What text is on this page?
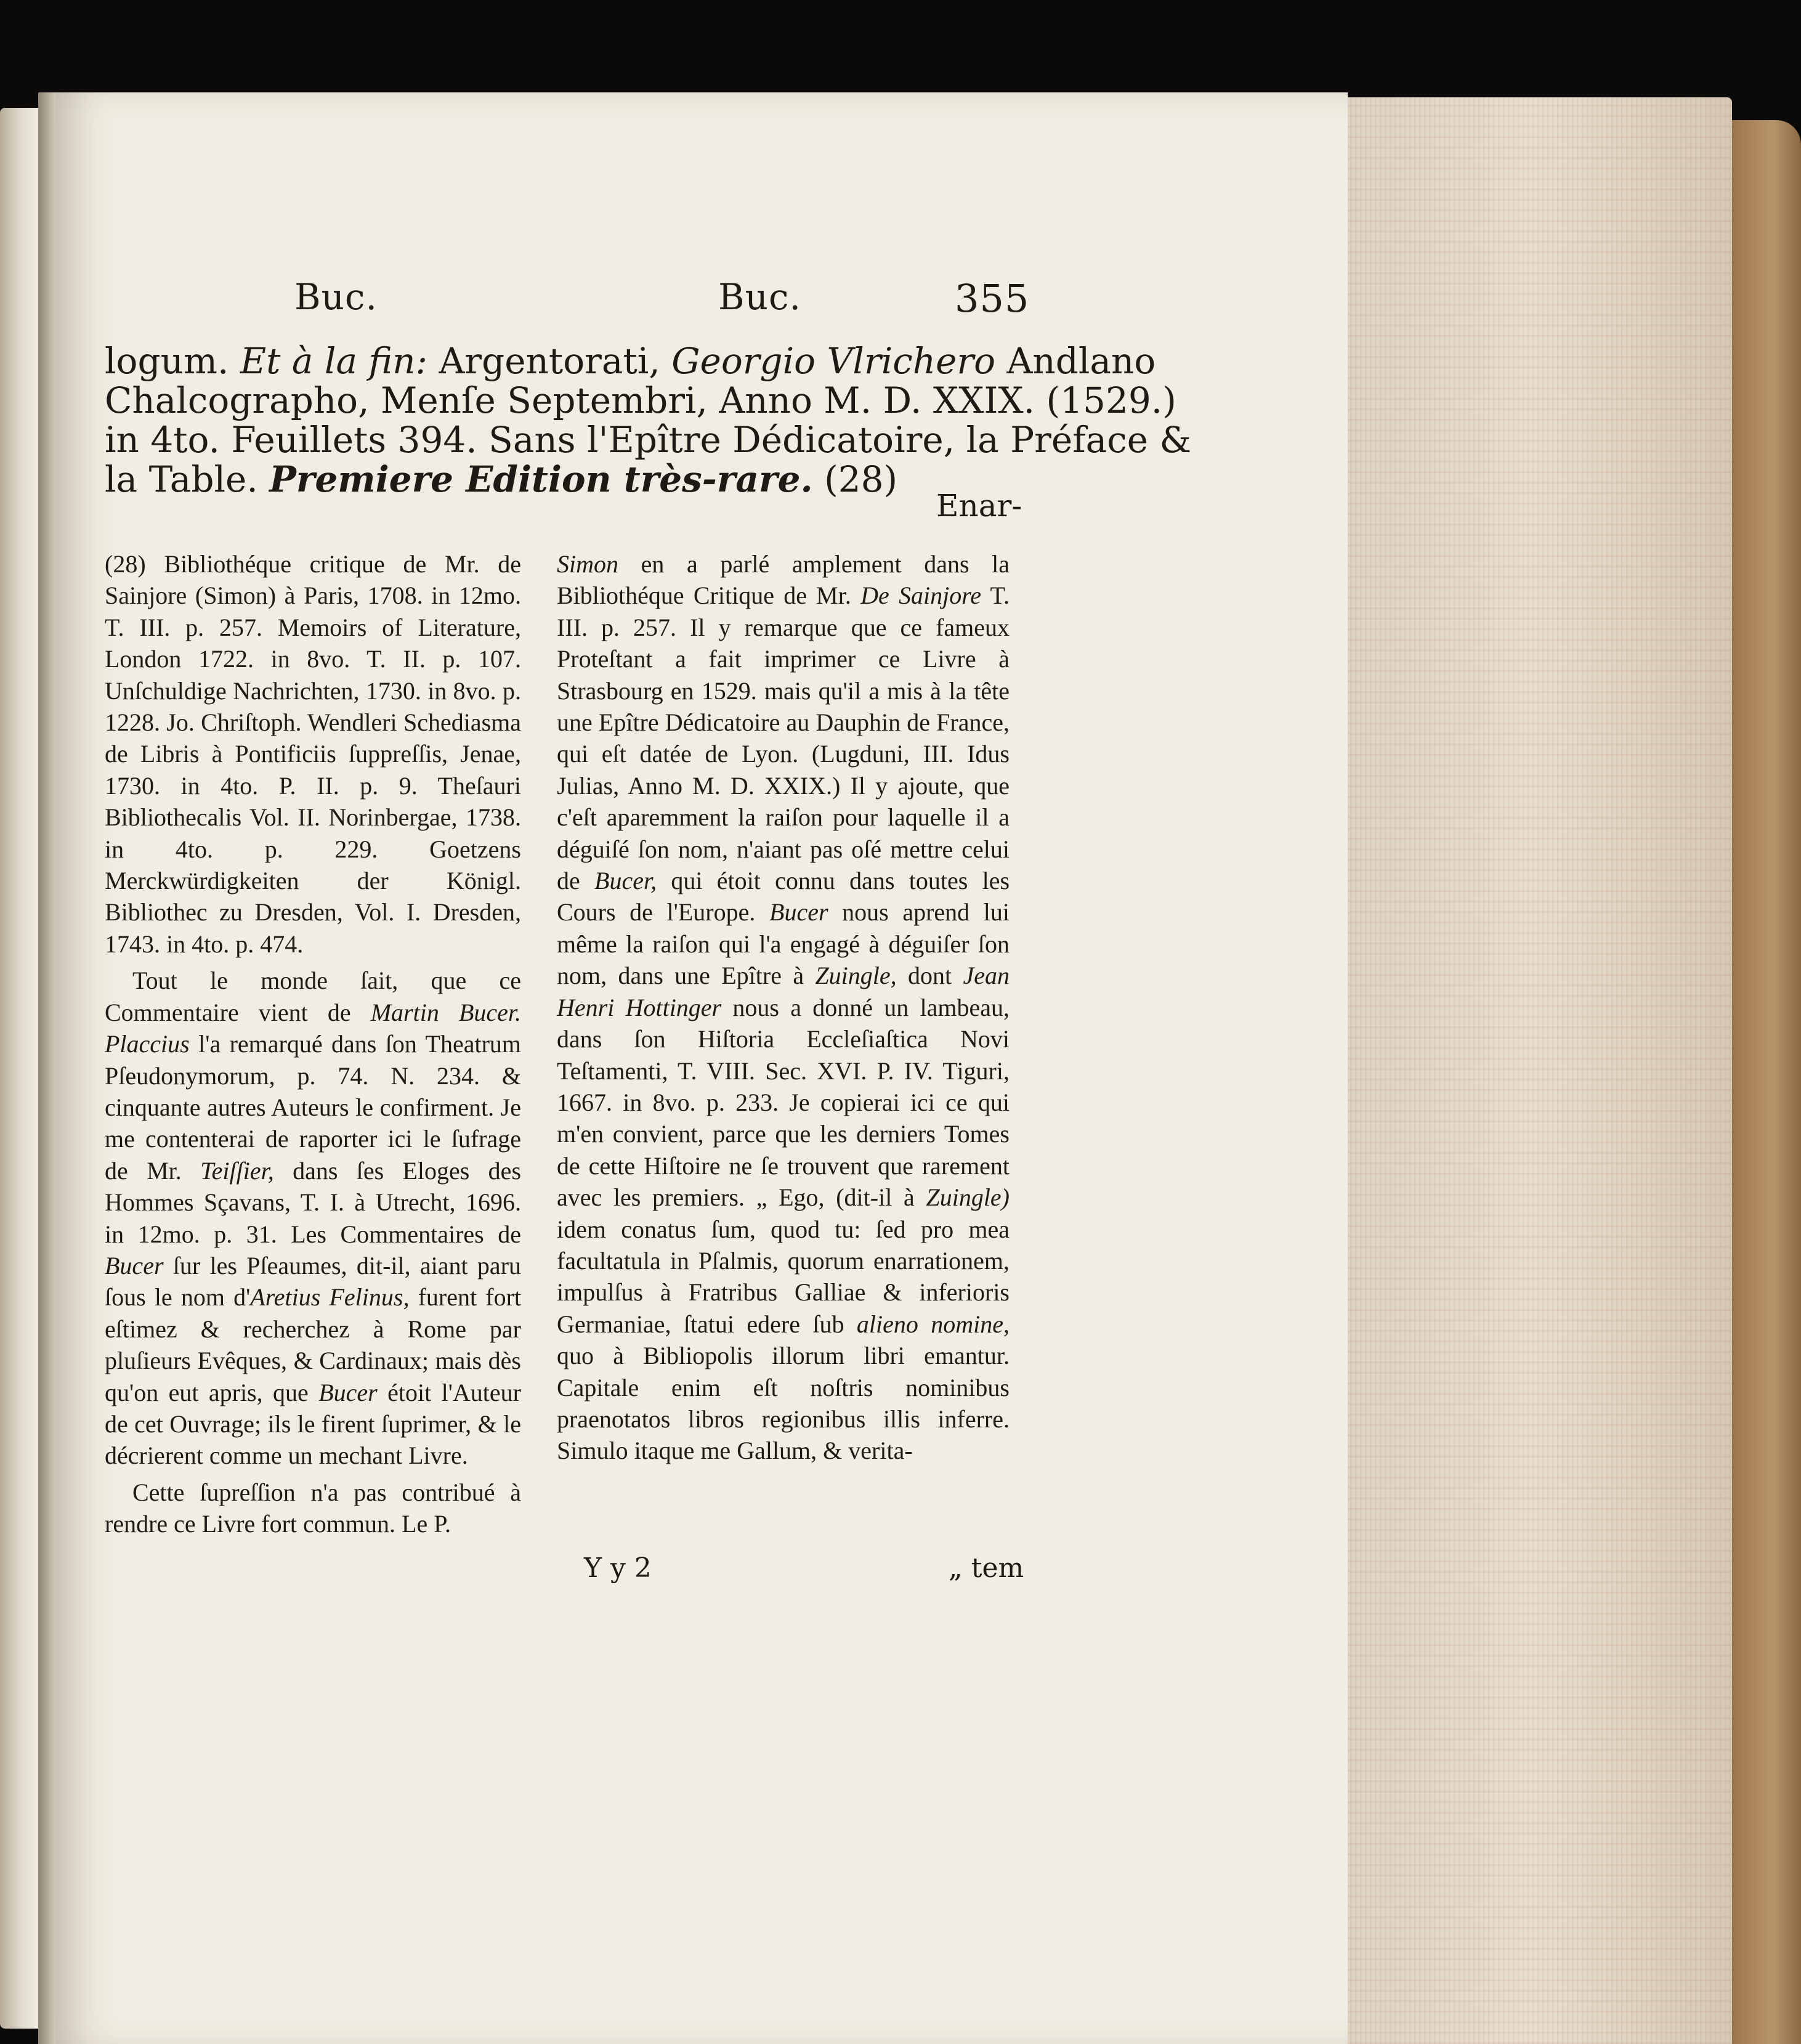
Buc.	Buc.	355
logum. Et à la fin: Argentorati, Georgio Vlrichero Andlano
Chalcographo, Menſe Septembri, Anno M. D. XXIX. (1529.)
in 4to. Feuillets 394. Sans l'Epître Dédicatoire, la Préface &
la Table. Premiere Edition très-rare. (28)
Enar-

(28) Bibliothéque critique de Mr. de Sainjore (Simon) à Paris, 1708. in 12mo. T. III. p. 257. Memoirs of Literature, London 1722. in 8vo. T. II. p. 107. Unſchuldige Nachrichten, 1730. in 8vo. p. 1228. Jo. Chriſtoph. Wendleri Schediasma de Libris à Pontificiis ſuppreſſis, Jenae, 1730. in 4to. P. II. p. 9. Theſauri Bibliothecalis Vol. II. Norinbergae, 1738. in 4to. p. 229. Goetzens Merckwürdigkeiten der Königl. Bibliothec zu Dresden, Vol. I. Dresden, 1743. in 4to. p. 474.

Tout le monde ſait, que ce Commentaire vient de Martin Bucer. Placcius l'a remarqué dans ſon Theatrum Pſeudonymorum, p. 74. N. 234. & cinquante autres Auteurs le confirment. Je me contenterai de raporter ici le ſufrage de Mr. Teiſſier, dans ſes Eloges des Hommes Sçavans, T. I. à Utrecht, 1696. in 12mo. p. 31. Les Commentaires de Bucer ſur les Pſeaumes, dit-il, aiant paru ſous le nom d'Aretius Felinus, furent fort eſtimez & recherchez à Rome par pluſieurs Evêques, & Cardinaux; mais dès qu'on eut apris, que Bucer étoit l'Auteur de cet Ouvrage; ils le firent ſuprimer, & le décrierent comme un mechant Livre.

Cette ſupreſſion n'a pas contribué à rendre ce Livre fort commun. Le P.

Simon en a parlé amplement dans la Bibliothéque Critique de Mr. De Sainjore T. III. p. 257. Il y remarque que ce fameux Proteſtant a fait imprimer ce Livre à Strasbourg en 1529. mais qu'il a mis à la tête une Epître Dédicatoire au Dauphin de France, qui eſt datée de Lyon. (Lugduni, III. Idus Julias, Anno M. D. XXIX.) Il y ajoute, que c'eſt aparemment la raiſon pour laquelle il a déguiſé ſon nom, n'aiant pas oſé mettre celui de Bucer, qui étoit connu dans toutes les Cours de l'Europe. Bucer nous aprend lui même la raiſon qui l'a engagé à déguiſer ſon nom, dans une Epître à Zuingle, dont Jean Henri Hottinger nous a donné un lambeau, dans ſon Hiſtoria Eccleſiaſtica Novi Teſtamenti, T. VIII. Sec. XVI. P. IV. Tiguri, 1667. in 8vo. p. 233. Je copierai ici ce qui m'en convient, parce que les derniers Tomes de cette Hiſtoire ne ſe trouvent que rarement avec les premiers. „ Ego, (dit-il à Zuingle) idem conatus ſum, quod tu: ſed pro mea facultatula in Pſalmis, quorum enarrationem, impulſus à Fratribus Galliae & inferioris Germaniae, ſtatui edere ſub alieno nomine, quo à Bibliopolis illorum libri emantur. Capitale enim eſt noſtris nominibus praenotatos libros regionibus illis inferre. Simulo itaque me Gallum, & verita-

Y y 2	„ tem
